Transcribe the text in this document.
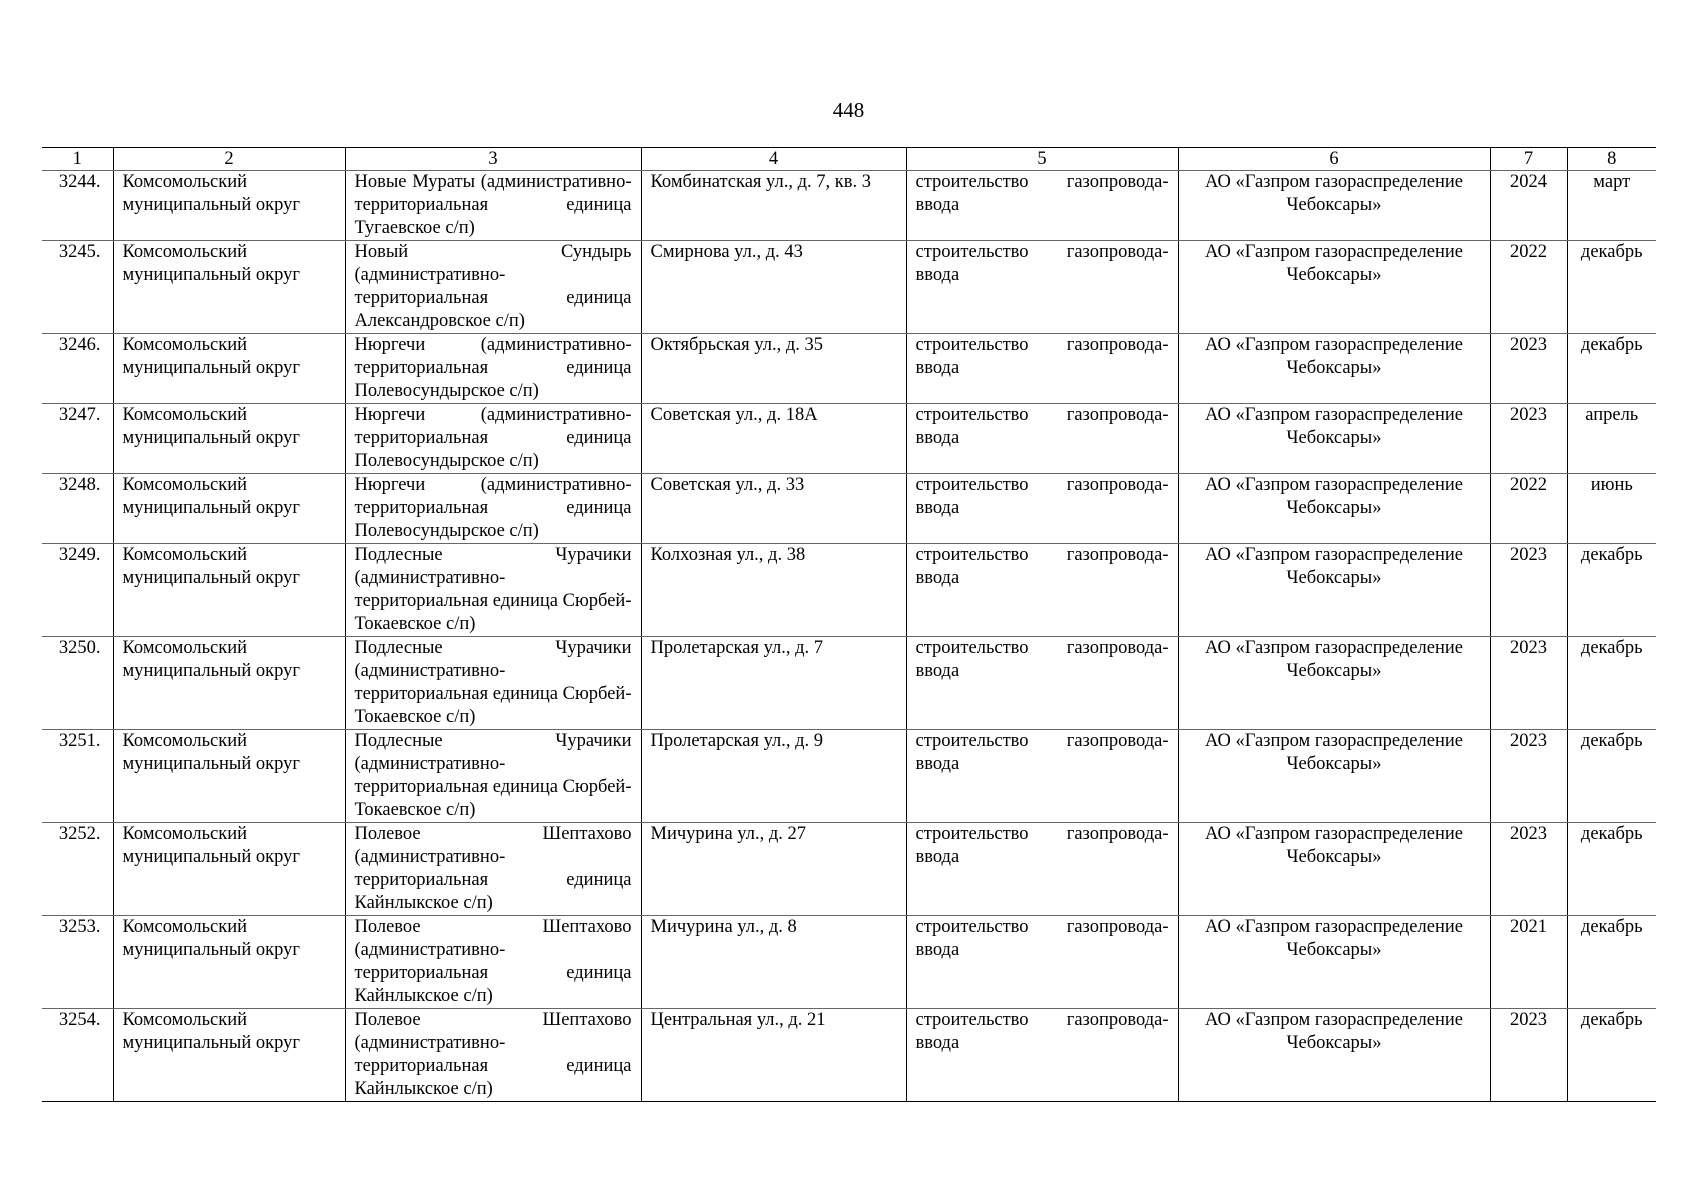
448
1	2	3	4	5	6	7	8
3244.	Комсомольский муниципальный округ	Новые Мураты (административно-территориальная единица Тугаевское с/п)	Комбинатская ул., д. 7, кв. 3	строительство газопровода-ввода	АО «Газпром газораспределение Чебоксары»	2024	март
3245.	Комсомольский муниципальный округ	Новый Сундырь (административно-территориальная единица Александровское с/п)	Смирнова ул., д. 43	строительство газопровода-ввода	АО «Газпром газораспределение Чебоксары»	2022	декабрь
3246.	Комсомольский муниципальный округ	Нюргечи (административно-территориальная единица Полевосундырское с/п)	Октябрьская ул., д. 35	строительство газопровода-ввода	АО «Газпром газораспределение Чебоксары»	2023	декабрь
3247.	Комсомольский муниципальный округ	Нюргечи (административно-территориальная единица Полевосундырское с/п)	Советская ул., д. 18А	строительство газопровода-ввода	АО «Газпром газораспределение Чебоксары»	2023	апрель
3248.	Комсомольский муниципальный округ	Нюргечи (административно-территориальная единица Полевосундырское с/п)	Советская ул., д. 33	строительство газопровода-ввода	АО «Газпром газораспределение Чебоксары»	2022	июнь
3249.	Комсомольский муниципальный округ	Подлесные Чурачики (административно-территориальная единица Сюрбей-Токаевское с/п)	Колхозная ул., д. 38	строительство газопровода-ввода	АО «Газпром газораспределение Чебоксары»	2023	декабрь
3250.	Комсомольский муниципальный округ	Подлесные Чурачики (административно-территориальная единица Сюрбей-Токаевское с/п)	Пролетарская ул., д. 7	строительство газопровода-ввода	АО «Газпром газораспределение Чебоксары»	2023	декабрь
3251.	Комсомольский муниципальный округ	Подлесные Чурачики (административно-территориальная единица Сюрбей-Токаевское с/п)	Пролетарская ул., д. 9	строительство газопровода-ввода	АО «Газпром газораспределение Чебоксары»	2023	декабрь
3252.	Комсомольский муниципальный округ	Полевое Шептахово (административно-территориальная единица Кайнлыкское с/п)	Мичурина ул., д. 27	строительство газопровода-ввода	АО «Газпром газораспределение Чебоксары»	2023	декабрь
3253.	Комсомольский муниципальный округ	Полевое Шептахово (административно-территориальная единица Кайнлыкское с/п)	Мичурина ул., д. 8	строительство газопровода-ввода	АО «Газпром газораспределение Чебоксары»	2021	декабрь
3254.	Комсомольский муниципальный округ	Полевое Шептахово (административно-территориальная единица Кайнлыкское с/п)	Центральная ул., д. 21	строительство газопровода-ввода	АО «Газпром газораспределение Чебоксары»	2023	декабрь
